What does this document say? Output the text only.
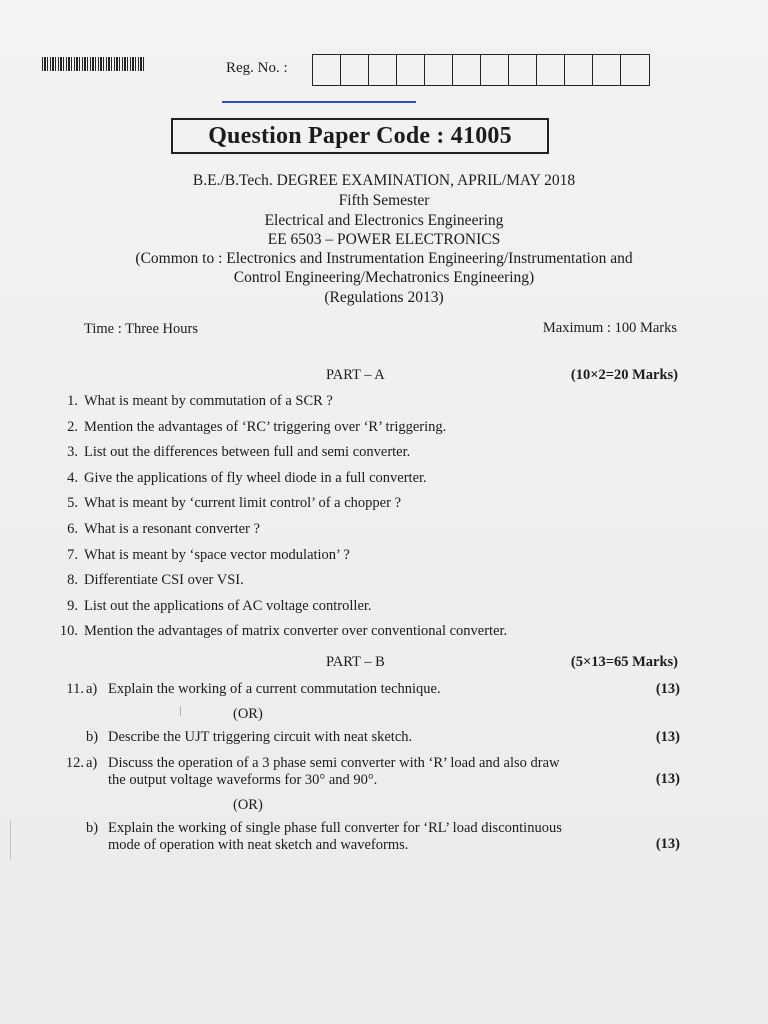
Reg. No. :
Question Paper Code : 41005
B.E./B.Tech. DEGREE EXAMINATION, APRIL/MAY 2018
Fifth Semester
Electrical and Electronics Engineering
EE 6503 – POWER ELECTRONICS
(Common to : Electronics and Instrumentation Engineering/Instrumentation and
Control Engineering/Mechatronics Engineering)
(Regulations 2013)
Time : Three Hours	Maximum : 100 Marks
PART – A	(10×2=20 Marks)
1. What is meant by commutation of a SCR ?
2. Mention the advantages of ‘RC’ triggering over ‘R’ triggering.
3. List out the differences between full and semi converter.
4. Give the applications of fly wheel diode in a full converter.
5. What is meant by ‘current limit control’ of a chopper ?
6. What is a resonant converter ?
7. What is meant by ‘space vector modulation’ ?
8. Differentiate CSI over VSI.
9. List out the applications of AC voltage controller.
10. Mention the advantages of matrix converter over conventional converter.
PART – B	(5×13=65 Marks)
11. a) Explain the working of a current commutation technique.	(13)
(OR)
b) Describe the UJT triggering circuit with neat sketch.	(13)
12. a) Discuss the operation of a 3 phase semi converter with ‘R’ load and also draw
the output voltage waveforms for 30° and 90°.	(13)
(OR)
b) Explain the working of single phase full converter for ‘RL’ load discontinuous
mode of operation with neat sketch and waveforms.	(13)
